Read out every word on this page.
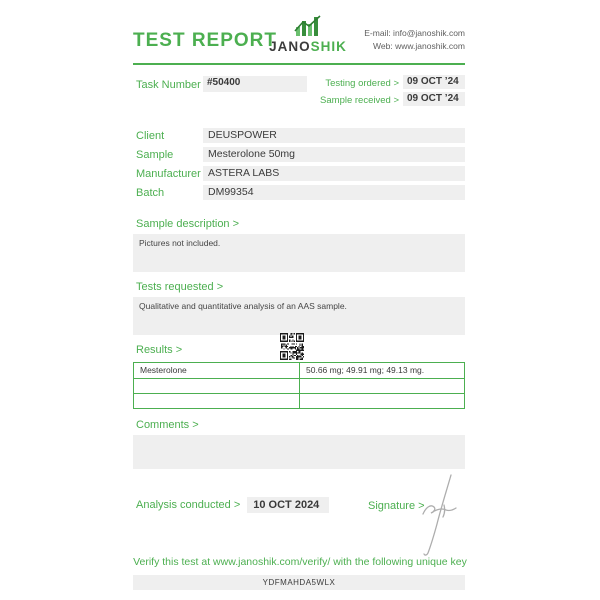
TEST REPORT
JANOSHIK
E-mail: info@janoshik.com
Web: www.janoshik.com
Task Number #50400	Testing ordered > 09 OCT ’24
Sample received > 09 OCT ’24
Client	DEUSPOWER
Sample	Mesterolone 50mg
Manufacturer ASTERA LABS
Batch	DM99354
Sample description >
Pictures not included.
Tests requested >
Qualitative and quantitative analysis of an AAS sample.
Results >
Mesterolone	50.66 mg; 49.91 mg; 49.13 mg.
Comments >
Analysis conducted >	10 OCT 2024	Signature >
Verify this test at www.janoshik.com/verify/ with the following unique key
YDFMAHDA5WLX
